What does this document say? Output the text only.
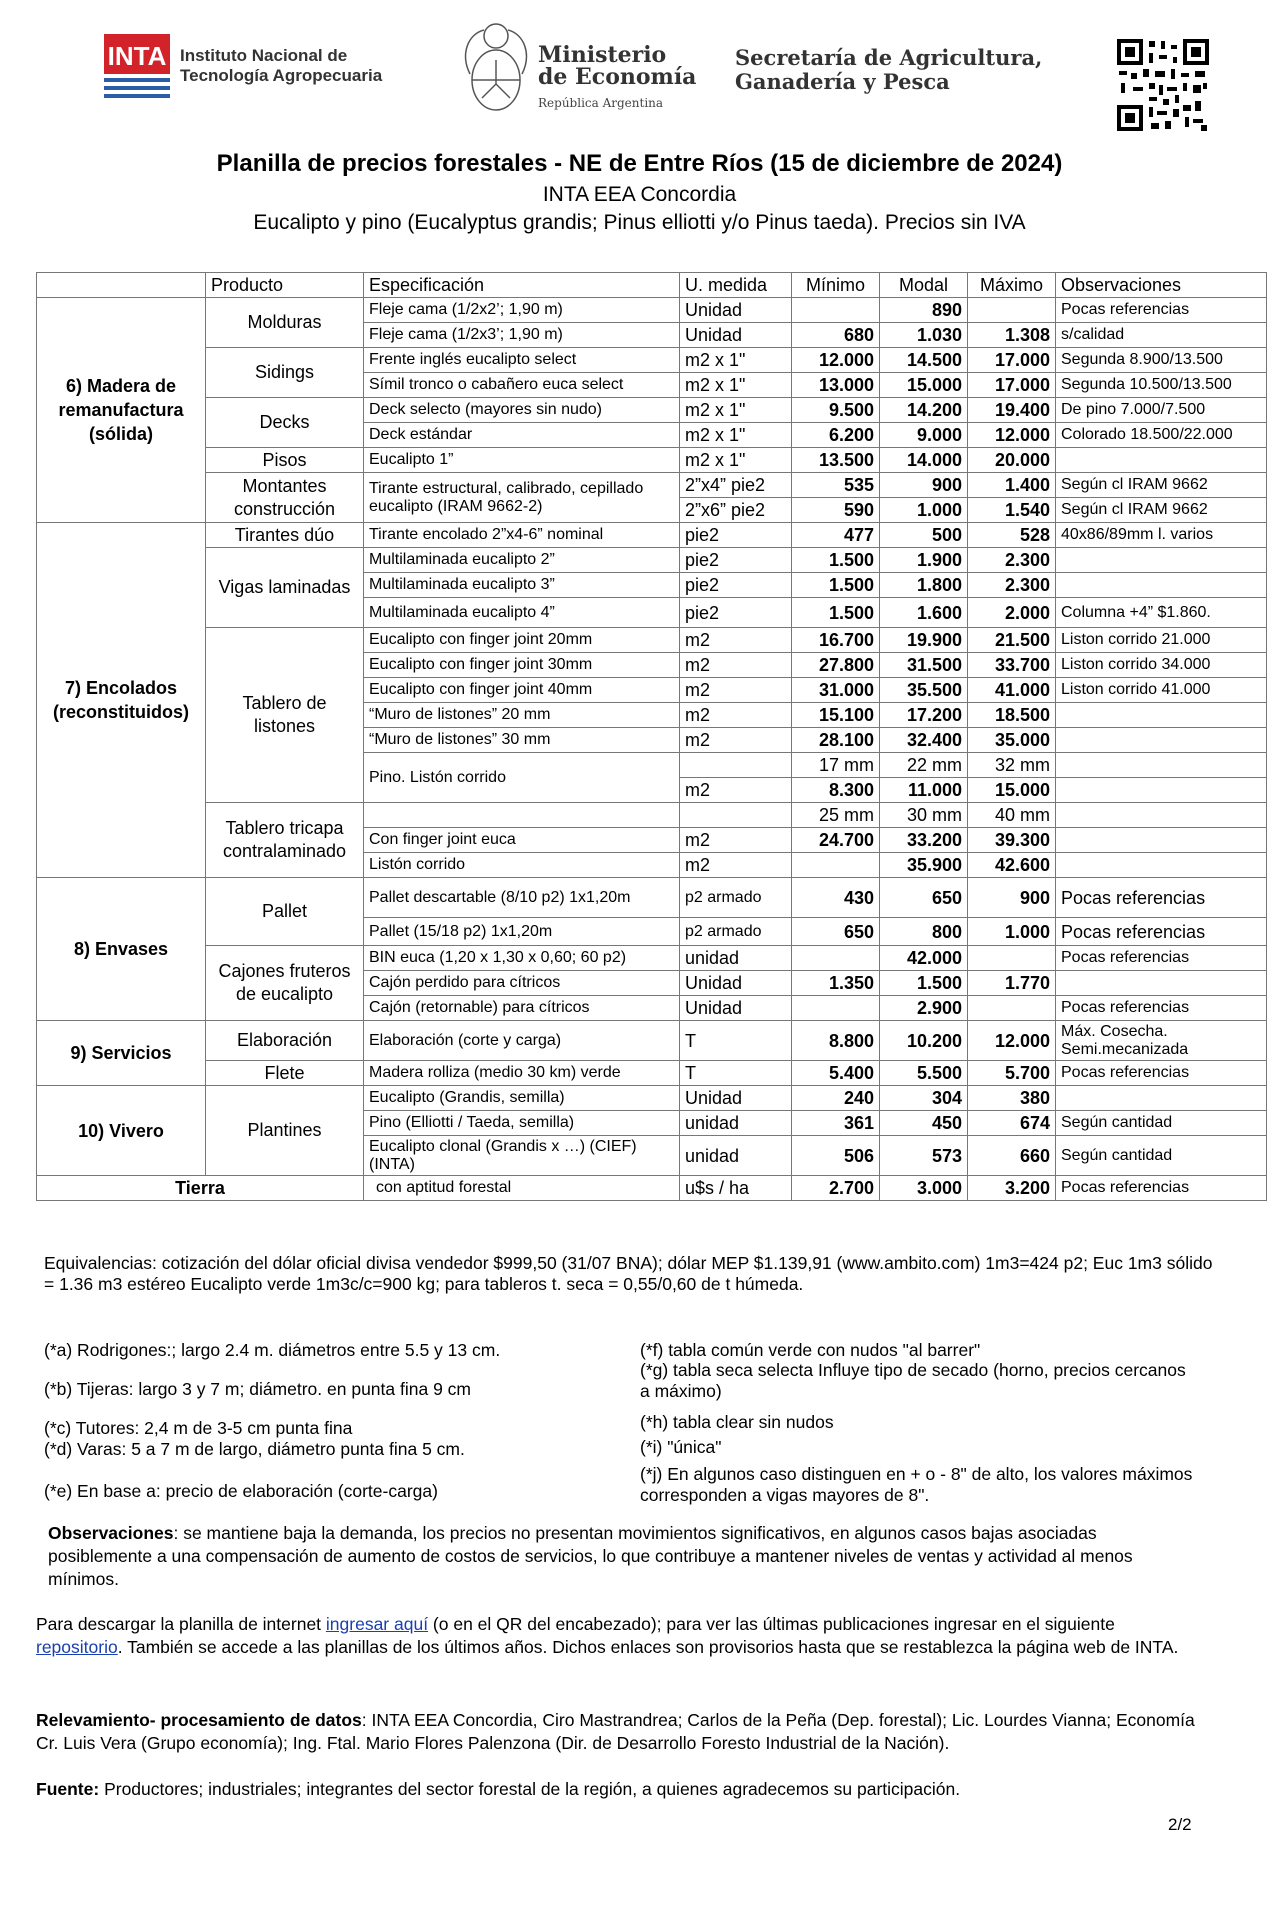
INTA Instituto Nacional de
Tecnología Agropecuaria
Ministerio
de Economía
República Argentina
Secretaría de Agricultura,
Ganadería y Pesca
Planilla de precios forestales - NE de Entre Ríos (15 de diciembre de 2024)
INTA EEA Concordia
Eucalipto y pino (Eucalyptus grandis; Pinus elliotti y/o Pinus taeda). Precios sin IVA
	Producto	Especificación	U. medida	Mínimo	Modal	Máximo	Observaciones
6) Madera de remanufactura (sólida)	Molduras	Fleje cama (1/2x2’; 1,90 m)	Unidad		890		Pocas referencias
		Fleje cama (1/2x3’; 1,90 m)	Unidad	680	1.030	1.308	s/calidad
	Sidings	Frente inglés eucalipto select	m2 x 1"	12.000	14.500	17.000	Segunda 8.900/13.500
		Símil tronco o cabañero euca select	m2 x 1"	13.000	15.000	17.000	Segunda 10.500/13.500
	Decks	Deck selecto (mayores sin nudo)	m2 x 1"	9.500	14.200	19.400	De pino 7.000/7.500
		Deck estándar	m2 x 1"	6.200	9.000	12.000	Colorado 18.500/22.000
	Pisos	Eucalipto 1”	m2 x 1"	13.500	14.000	20.000	
	Montantes construcción	Tirante estructural, calibrado, cepillado eucalipto (IRAM 9662-2)	2”x4” pie2	535	900	1.400	Según cl IRAM 9662
			2”x6” pie2	590	1.000	1.540	Según cl IRAM 9662
7) Encolados (reconstituidos)	Tirantes dúo	Tirante encolado 2”x4-6” nominal	pie2	477	500	528	40x86/89mm l. varios
	Vigas laminadas	Multilaminada eucalipto 2”	pie2	1.500	1.900	2.300	
		Multilaminada eucalipto 3”	pie2	1.500	1.800	2.300	
		Multilaminada eucalipto 4”	pie2	1.500	1.600	2.000	Columna +4” $1.860.
	Tablero de listones	Eucalipto con finger joint 20mm	m2	16.700	19.900	21.500	Liston corrido 21.000
		Eucalipto con finger joint 30mm	m2	27.800	31.500	33.700	Liston corrido 34.000
		Eucalipto con finger joint 40mm	m2	31.000	35.500	41.000	Liston corrido 41.000
		“Muro de listones” 20 mm	m2	15.100	17.200	18.500	
		“Muro de listones” 30 mm	m2	28.100	32.400	35.000	
		Pino. Listón corrido		17 mm	22 mm	32 mm	
			m2	8.300	11.000	15.000	
	Tablero tricapa contralaminado			25 mm	30 mm	40 mm	
		Con finger joint euca	m2	24.700	33.200	39.300	
		Listón corrido	m2		35.900	42.600	
8) Envases	Pallet	Pallet descartable (8/10 p2) 1x1,20m	p2 armado	430	650	900	Pocas referencias
		Pallet (15/18 p2) 1x1,20m	p2 armado	650	800	1.000	Pocas referencias
	Cajones fruteros de eucalipto	BIN euca (1,20 x 1,30 x 0,60; 60 p2)	unidad		42.000		Pocas referencias
		Cajón perdido para cítricos	Unidad	1.350	1.500	1.770	
		Cajón (retornable) para cítricos	Unidad		2.900		Pocas referencias
9) Servicios	Elaboración	Elaboración (corte y carga)	T	8.800	10.200	12.000	Máx. Cosecha. Semi.mecanizada
	Flete	Madera rolliza (medio 30 km) verde	T	5.400	5.500	5.700	Pocas referencias
10) Vivero	Plantines	Eucalipto (Grandis, semilla)	Unidad	240	304	380	
		Pino (Elliotti / Taeda, semilla)	unidad	361	450	674	Según cantidad
		Eucalipto clonal (Grandis x …) (CIEF) (INTA)	unidad	506	573	660	Según cantidad
Tierra		con aptitud forestal	u$s / ha	2.700	3.000	3.200	Pocas referencias
Equivalencias: cotización del dólar oficial divisa vendedor $999,50 (31/07 BNA); dólar MEP $1.139,91 (www.ambito.com) 1m3=424 p2; Euc 1m3 sólido = 1.36 m3 estéreo Eucalipto verde 1m3c/c=900 kg; para tableros t. seca = 0,55/0,60 de t húmeda.
(*a) Rodrigones:; largo 2.4 m. diámetros entre 5.5 y 13 cm.
(*b) Tijeras: largo 3 y 7 m; diámetro. en punta fina 9 cm
(*c) Tutores: 2,4 m de 3-5 cm punta fina
(*d) Varas: 5 a 7 m de largo, diámetro punta fina 5 cm.
(*e) En base a: precio de elaboración (corte-carga)
(*f) tabla común verde con nudos "al barrer"
(*g) tabla seca selecta Influye tipo de secado (horno, precios cercanos a máximo)
(*h) tabla clear sin nudos
(*i) "única"
(*j) En algunos caso distinguen en + o - 8" de alto, los valores máximos corresponden a vigas mayores de 8".
Observaciones: se mantiene baja la demanda, los precios no presentan movimientos significativos, en algunos casos bajas asociadas posiblemente a una compensación de aumento de costos de servicios, lo que contribuye a mantener niveles de ventas y actividad al menos mínimos.
Para descargar la planilla de internet ingresar aquí (o en el QR del encabezado); para ver las últimas publicaciones ingresar en el siguiente repositorio. También se accede a las planillas de los últimos años. Dichos enlaces son provisorios hasta que se restablezca la página web de INTA.
Relevamiento- procesamiento de datos: INTA EEA Concordia, Ciro Mastrandrea; Carlos de la Peña (Dep. forestal); Lic. Lourdes Vianna; Economía Cr. Luis Vera (Grupo economía); Ing. Ftal. Mario Flores Palenzona (Dir. de Desarrollo Foresto Industrial de la Nación).
Fuente: Productores; industriales; integrantes del sector forestal de la región, a quienes agradecemos su participación.
2/2
